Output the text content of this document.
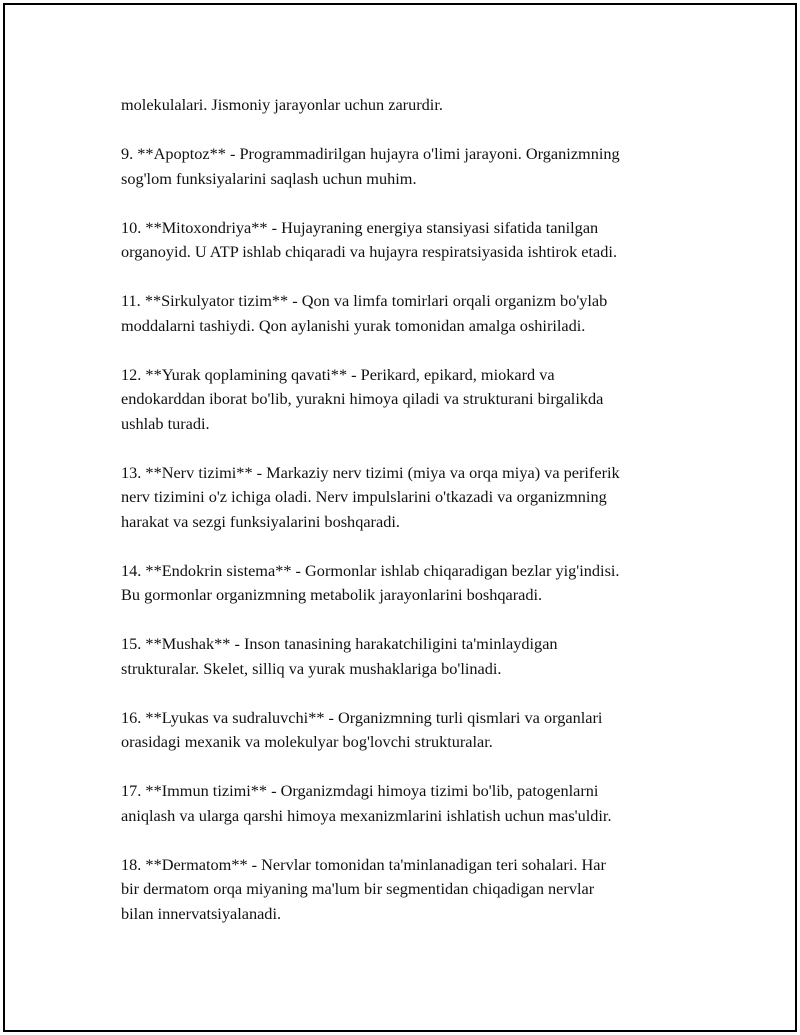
molekulalari. Jismoniy jarayonlar uchun zarurdir.

9. **Apoptoz** - Programmadirilgan hujayra o'limi jarayoni. Organizmning
sog'lom funksiyalarini saqlash uchun muhim.

10. **Mitoxondriya** - Hujayraning energiya stansiyasi sifatida tanilgan
organoyid. U ATP ishlab chiqaradi va hujayra respiratsiyasida ishtirok etadi.

11. **Sirkulyator tizim** - Qon va limfa tomirlari orqali organizm bo'ylab
moddalarni tashiydi. Qon aylanishi yurak tomonidan amalga oshiriladi.

12. **Yurak qoplamining qavati** - Perikard, epikard, miokard va
endokarddan iborat bo'lib, yurakni himoya qiladi va strukturani birgalikda
ushlab turadi.

13. **Nerv tizimi** - Markaziy nerv tizimi (miya va orqa miya) va periferik
nerv tizimini o'z ichiga oladi. Nerv impulslarini o'tkazadi va organizmning
harakat va sezgi funksiyalarini boshqaradi.

14. **Endokrin sistema** - Gormonlar ishlab chiqaradigan bezlar yig'indisi.
Bu gormonlar organizmning metabolik jarayonlarini boshqaradi.

15. **Mushak** - Inson tanasining harakatchiligini ta'minlaydigan
strukturalar. Skelet, silliq va yurak mushaklariga bo'linadi.

16. **Lyukas va sudraluvchi** - Organizmning turli qismlari va organlari
orasidagi mexanik va molekulyar bog'lovchi strukturalar.

17. **Immun tizimi** - Organizmdagi himoya tizimi bo'lib, patogenlarni
aniqlash va ularga qarshi himoya mexanizmlarini ishlatish uchun mas'uldir.

18. **Dermatom** - Nervlar tomonidan ta'minlanadigan teri sohalari. Har
bir dermatom orqa miyaning ma'lum bir segmentidan chiqadigan nervlar
bilan innervatsiyalanadi.
